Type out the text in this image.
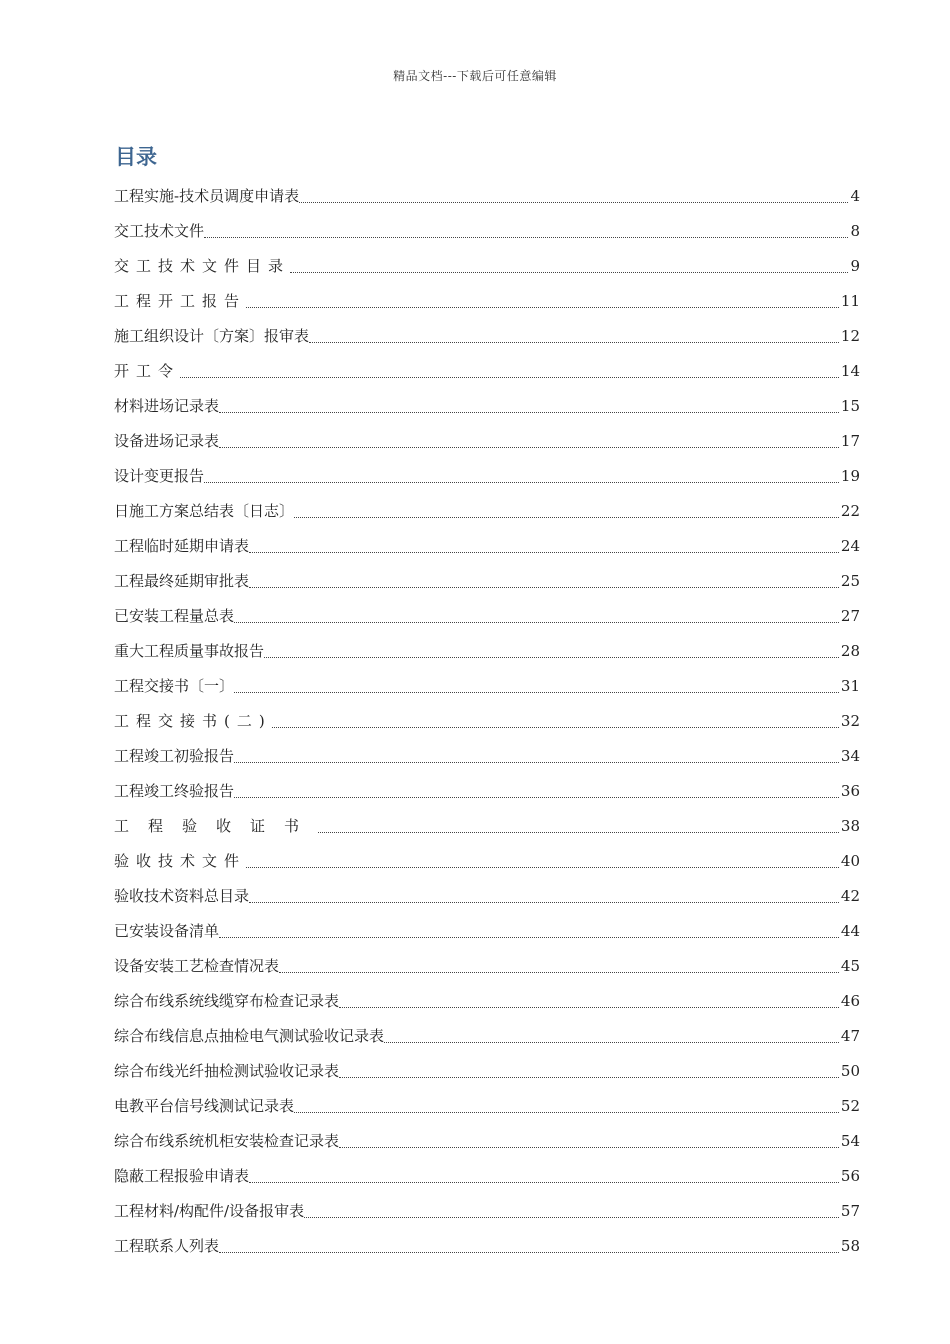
精品文档---下载后可任意编辑
目录
工程实施-技术员调度申请表	4
交工技术文件	8
交工技术文件目录	9
工程开工报告	11
施工组织设计〔方案〕报审表	12
开工令	14
材料进场记录表	15
设备进场记录表	17
设计变更报告	19
日施工方案总结表〔日志〕	22
工程临时延期申请表	24
工程最终延期审批表	25
已安装工程量总表	27
重大工程质量事故报告	28
工程交接书〔一〕	31
工程交接书(二)	32
工程竣工初验报告	34
工程竣工终验报告	36
工程验收证书	38
验收技术文件	40
验收技术资料总目录	42
已安装设备清单	44
设备安装工艺检查情况表	45
综合布线系统线缆穿布检查记录表	46
综合布线信息点抽检电气测试验收记录表	47
综合布线光纤抽检测试验收记录表	50
电教平台信号线测试记录表	52
综合布线系统机柜安装检查记录表	54
隐蔽工程报验申请表	56
工程材料/构配件/设备报审表	57
工程联系人列表	58
